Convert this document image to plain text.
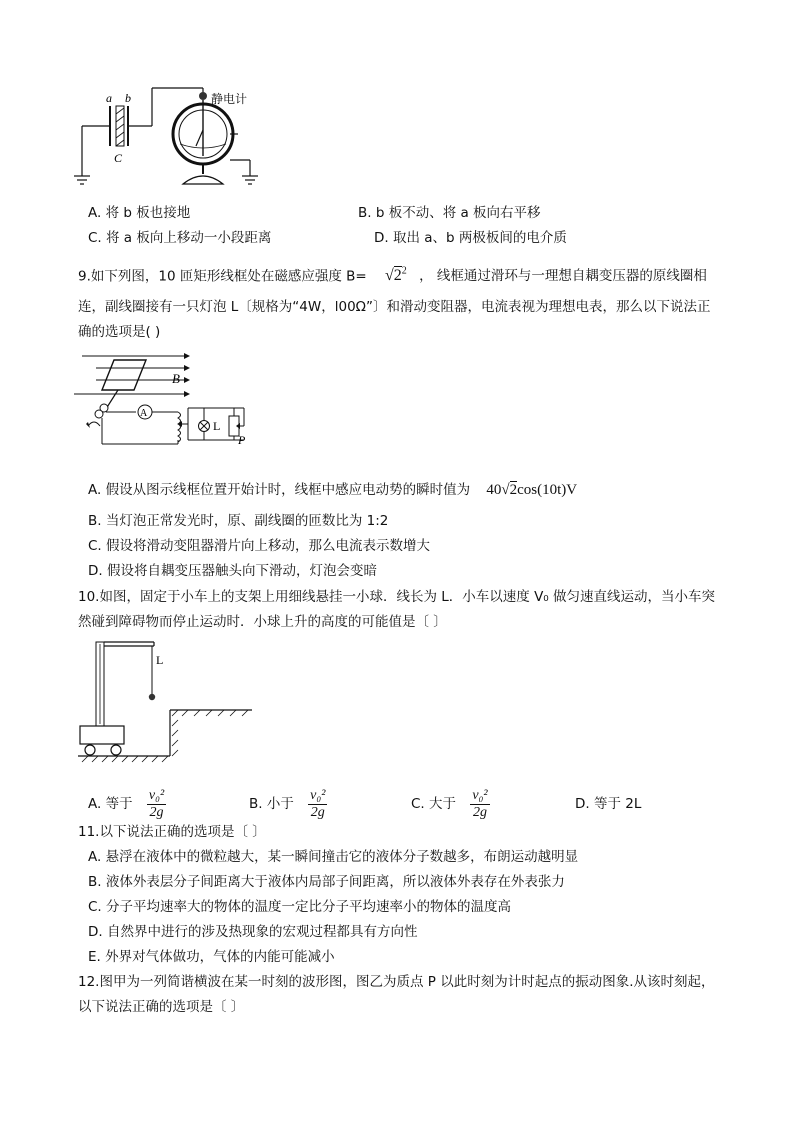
a b
C
静电计
A. 将 b 板也接地	B. b 板不动、将 a 板向右平移
C. 将 a 板向上移动一小段距离	D. 取出 a、b 两极板间的电介质
9.如下列图，10 匝矩形线框处在磁感应强度 $B= √2^2$ ， 线框通过滑环与一理想自耦变压器的原线圈相
连，副线圈接有一只灯泡 L〔规格为“4W，l00Ω”〕和滑动变阻器，电流表视为理想电表，那么以下说法正
确的选项是( )
B
A
L
P
A. 假设从图示线框位置开始计时，线框中感应电动势的瞬时值为 40√2cos(10t)V
B. 当灯泡正常发光时，原、副线圈的匝数比为 1:2
C. 假设将滑动变阻器滑片向上移动，那么电流表示数增大
D. 假设将自耦变压器触头向下滑动，灯泡会变暗
10.如图，固定于小车上的支架上用细线悬挂一小球．线长为 L．小车以速度 V₀ 做匀速直线运动，当小车突
然碰到障碍物而停止运动时．小球上升的高度的可能值是〔 〕
L
A. 等于 $\frac{\text{v₀²}}{2g}$	B. 小于 $\frac{\text{v₀²}}{2g}$	C. 大于 $\frac{\text{v₀²}}{2g}$	D. 等于 2L
11.以下说法正确的选项是〔 〕
A. 悬浮在液体中的微粒越大，某一瞬间撞击它的液体分子数越多，布朗运动越明显
B. 液体外表层分子间距离大于液体内局部子间距离，所以液体外表存在外表张力
C. 分子平均速率大的物体的温度一定比分子平均速率小的物体的温度高
D. 自然界中进行的涉及热现象的宏观过程都具有方向性
E. 外界对气体做功，气体的内能可能减小
12.图甲为一列简谐横波在某一时刻的波形图，图乙为质点 P 以此时刻为计时起点的振动图象.从该时刻起，
以下说法正确的选项是〔 〕
